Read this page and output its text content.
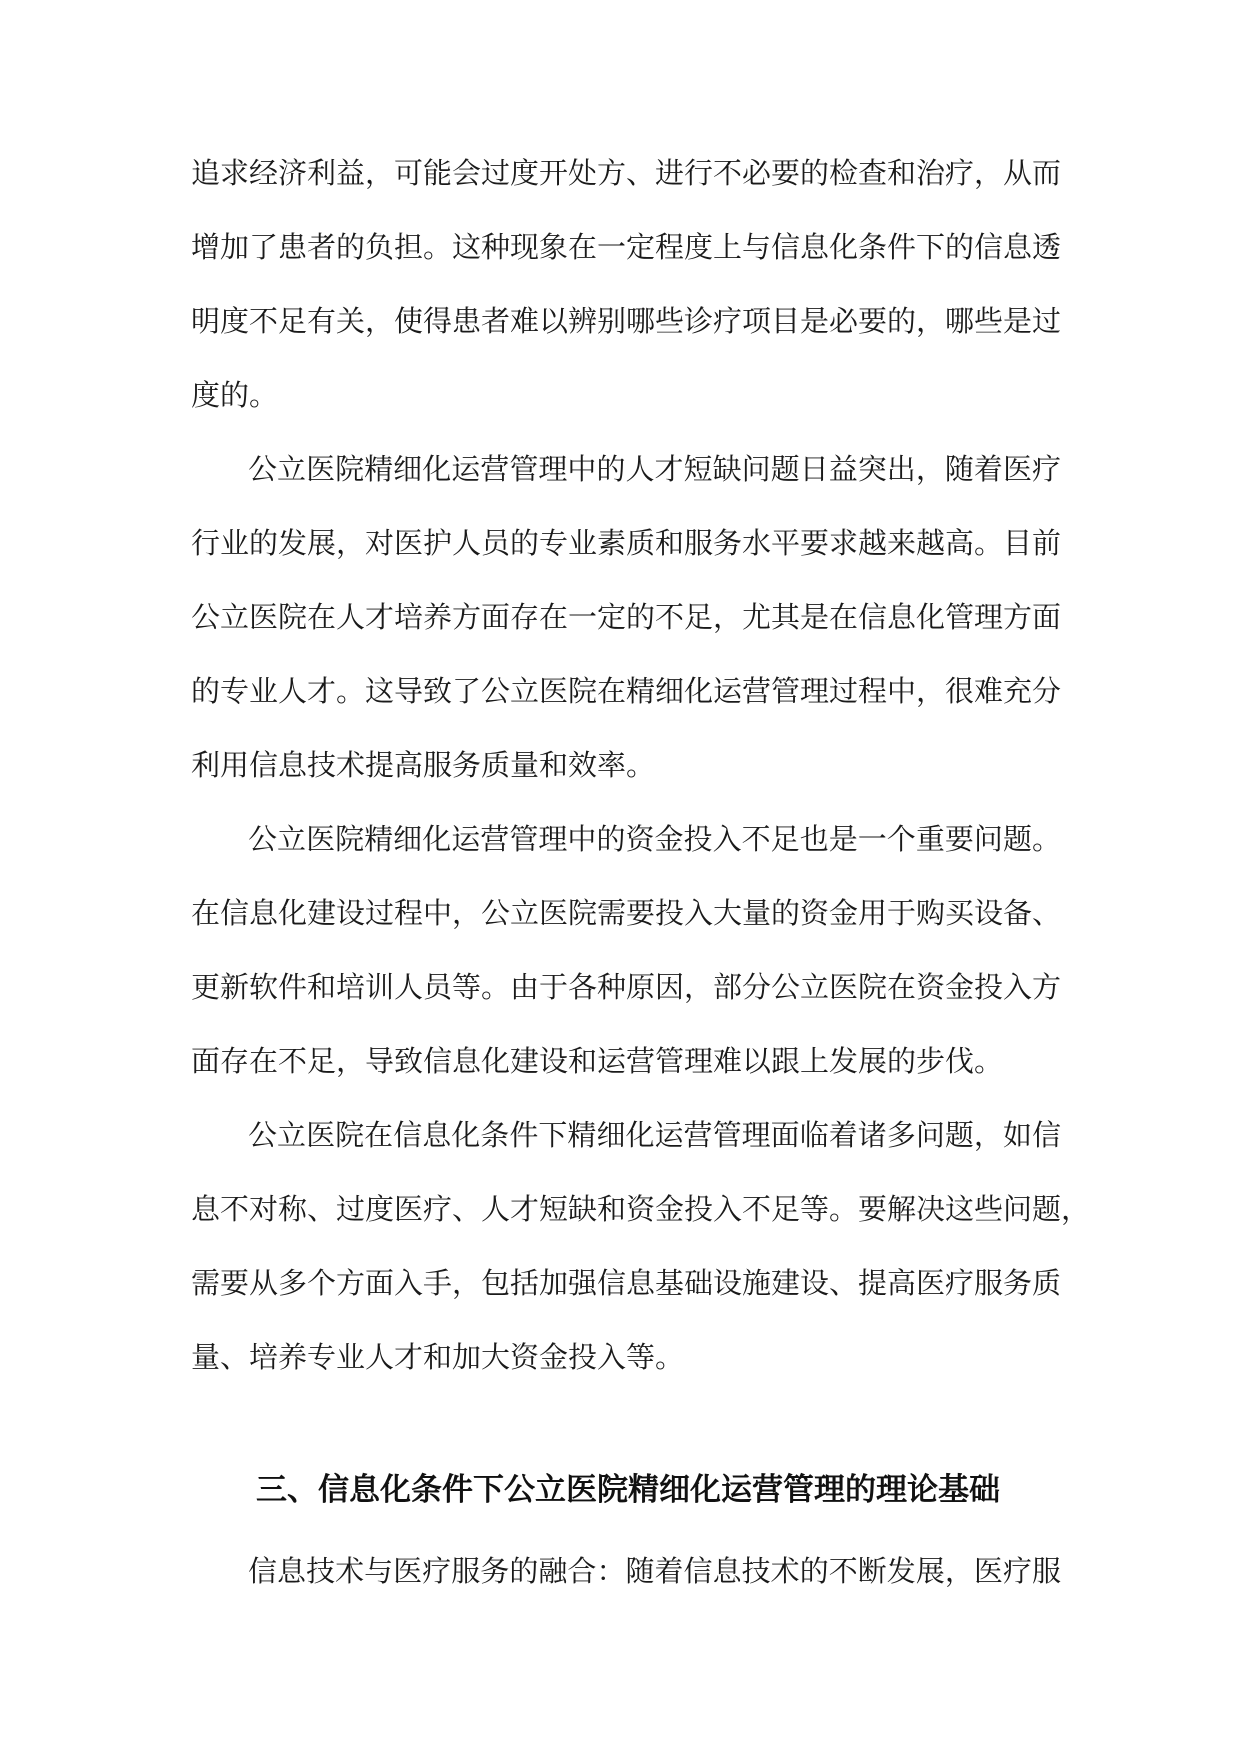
追求经济利益，可能会过度开处方、进行不必要的检查和治疗，从而
增加了患者的负担。这种现象在一定程度上与信息化条件下的信息透
明度不足有关，使得患者难以辨别哪些诊疗项目是必要的，哪些是过
度的。
公立医院精细化运营管理中的人才短缺问题日益突出，随着医疗
行业的发展，对医护人员的专业素质和服务水平要求越来越高。目前
公立医院在人才培养方面存在一定的不足，尤其是在信息化管理方面
的专业人才。这导致了公立医院在精细化运营管理过程中，很难充分
利用信息技术提高服务质量和效率。
公立医院精细化运营管理中的资金投入不足也是一个重要问题。
在信息化建设过程中，公立医院需要投入大量的资金用于购买设备、
更新软件和培训人员等。由于各种原因，部分公立医院在资金投入方
面存在不足，导致信息化建设和运营管理难以跟上发展的步伐。
公立医院在信息化条件下精细化运营管理面临着诸多问题，如信
息不对称、过度医疗、人才短缺和资金投入不足等。要解决这些问题，
需要从多个方面入手，包括加强信息基础设施建设、提高医疗服务质
量、培养专业人才和加大资金投入等。
三、信息化条件下公立医院精细化运营管理的理论基础
信息技术与医疗服务的融合：随着信息技术的不断发展，医疗服
